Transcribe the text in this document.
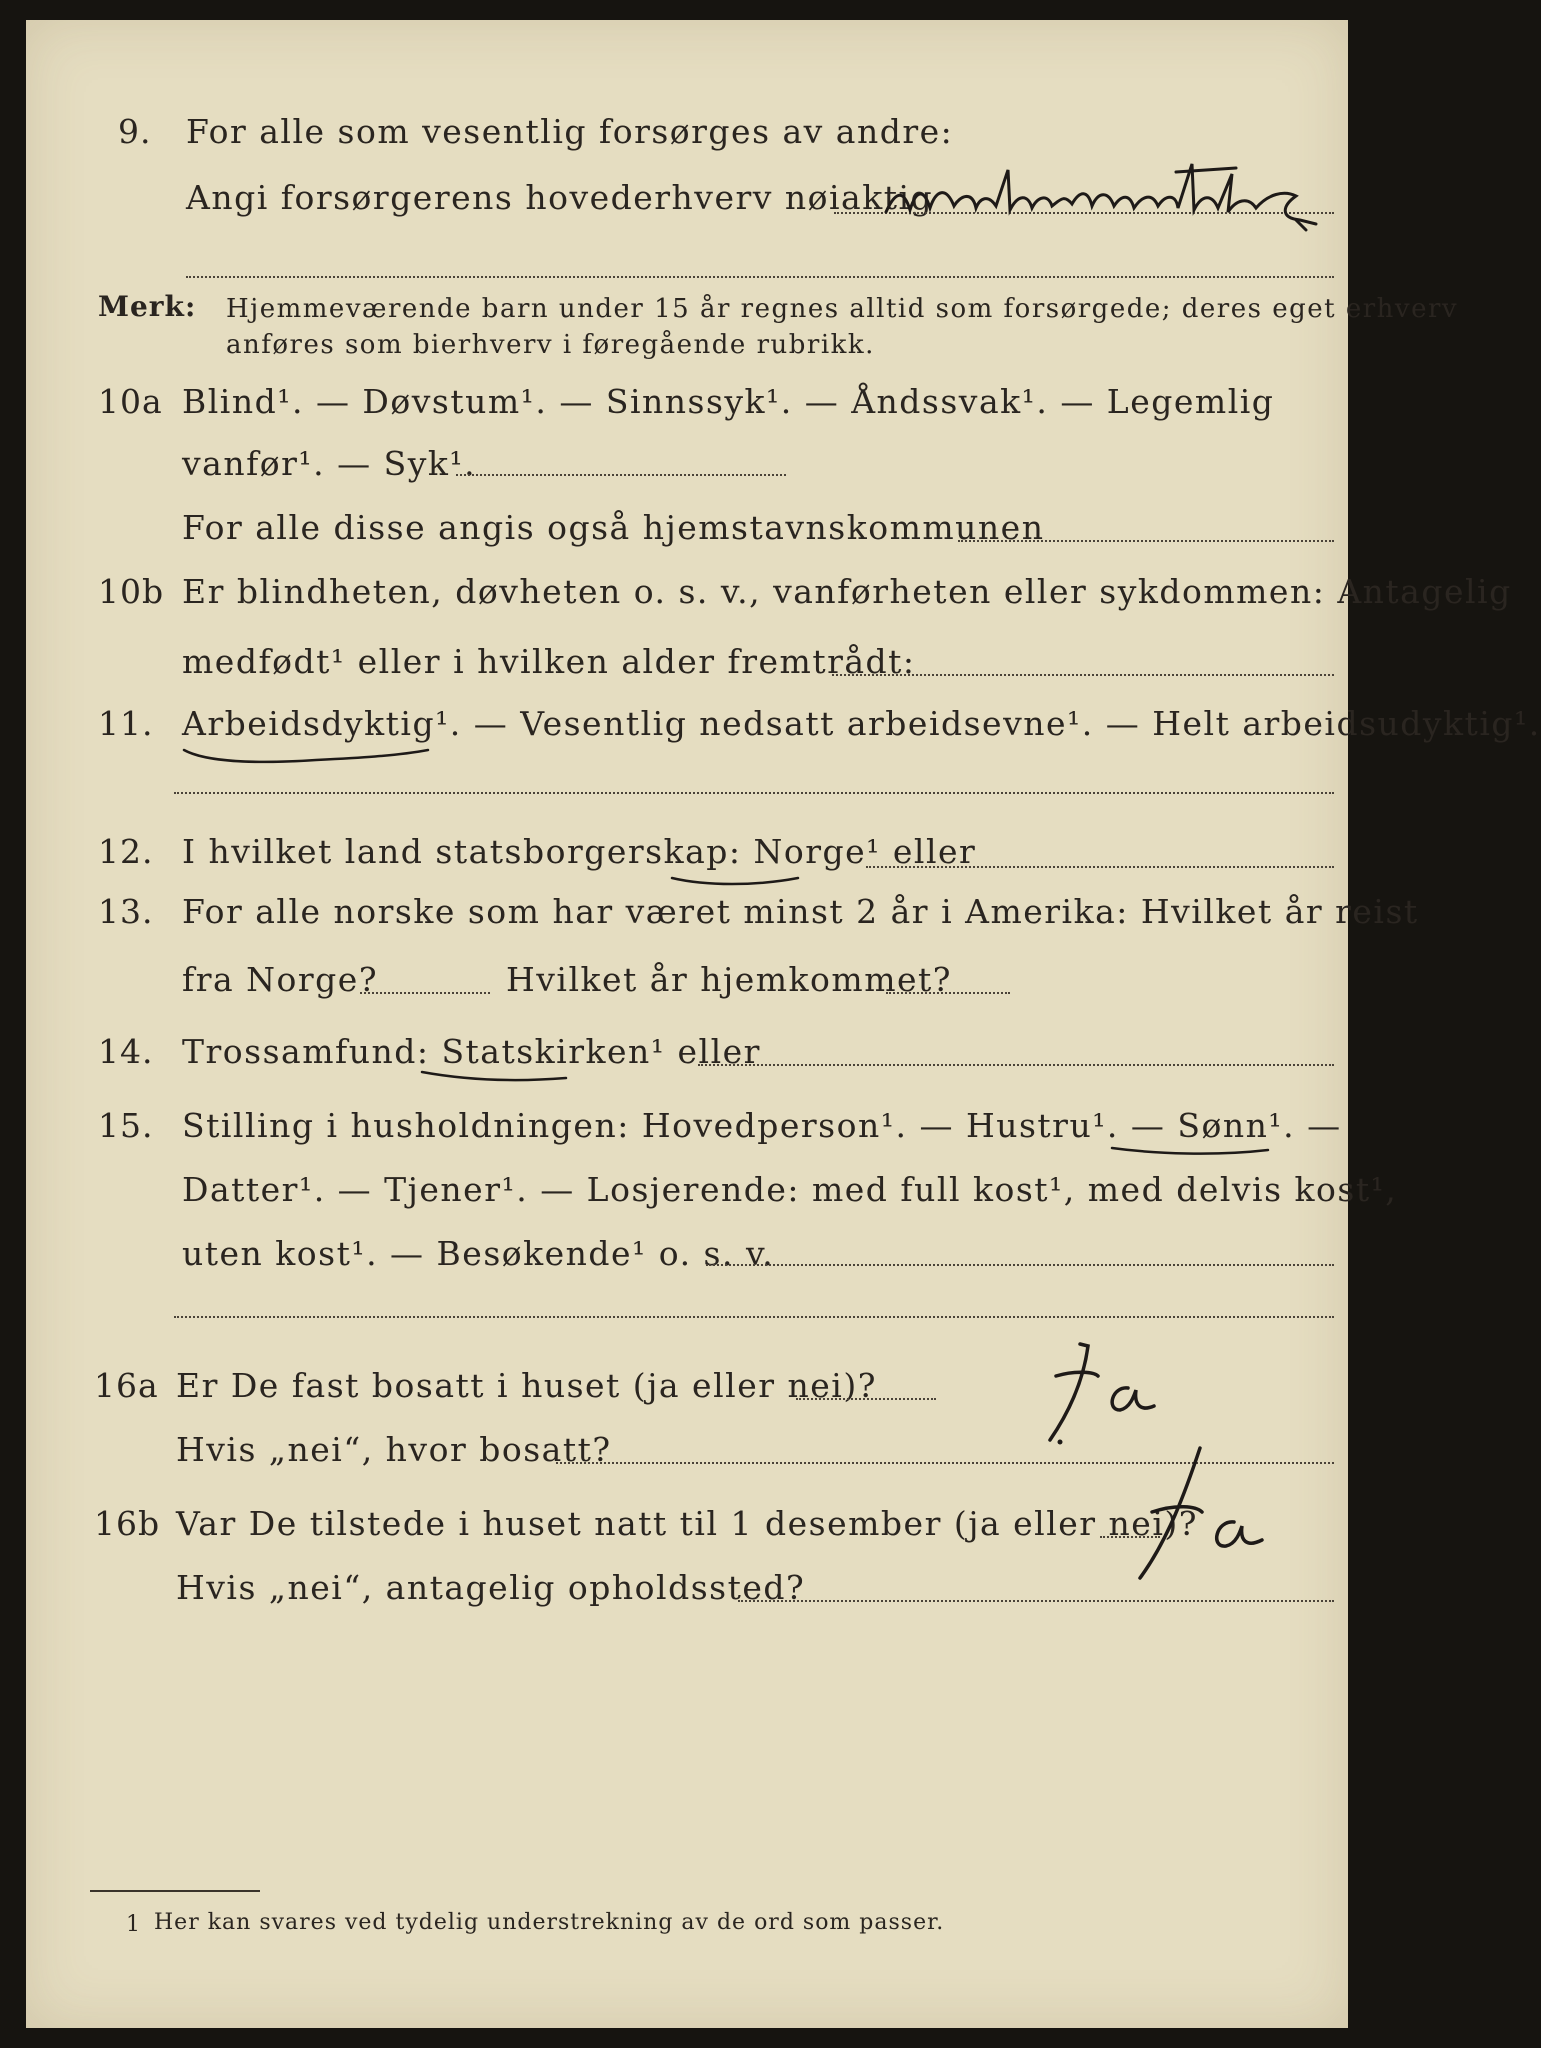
9. For alle som vesentlig forsørges av andre:
Angi forsørgerens hovederhverv nøiaktig
Merk: Hjemmeværende barn under 15 år regnes alltid som forsørgede; deres eget erhverv
anføres som bierhverv i føregående rubrikk.
10a Blind¹. — Døvstum¹. — Sinnssyk¹. — Åndssvak¹. — Legemlig
vanfør¹. — Syk¹.
For alle disse angis også hjemstavnskommunen
10b Er blindheten, døvheten o. s. v., vanførheten eller sykdommen: Antagelig
medfødt¹ eller i hvilken alder fremtrådt:
11. Arbeidsdyktig¹. — Vesentlig nedsatt arbeidsevne¹. — Helt arbeidsudyktig¹.
12. I hvilket land statsborgerskap: Norge¹ eller
13. For alle norske som har været minst 2 år i Amerika: Hvilket år reist
fra Norge?	Hvilket år hjemkommet?
14. Trossamfund: Statskirken¹ eller
15. Stilling i husholdningen: Hovedperson¹. — Hustru¹. — Sønn¹. —
Datter¹. — Tjener¹. — Losjerende: med full kost¹, med delvis kost¹,
uten kost¹. — Besøkende¹ o. s. v.
16a Er De fast bosatt i huset (ja eller nei)?
Hvis „nei“, hvor bosatt?
16b Var De tilstede i huset natt til 1 desember (ja eller nei)?
Hvis „nei“, antagelig opholdssted?
1 Her kan svares ved tydelig understrekning av de ord som passer.
